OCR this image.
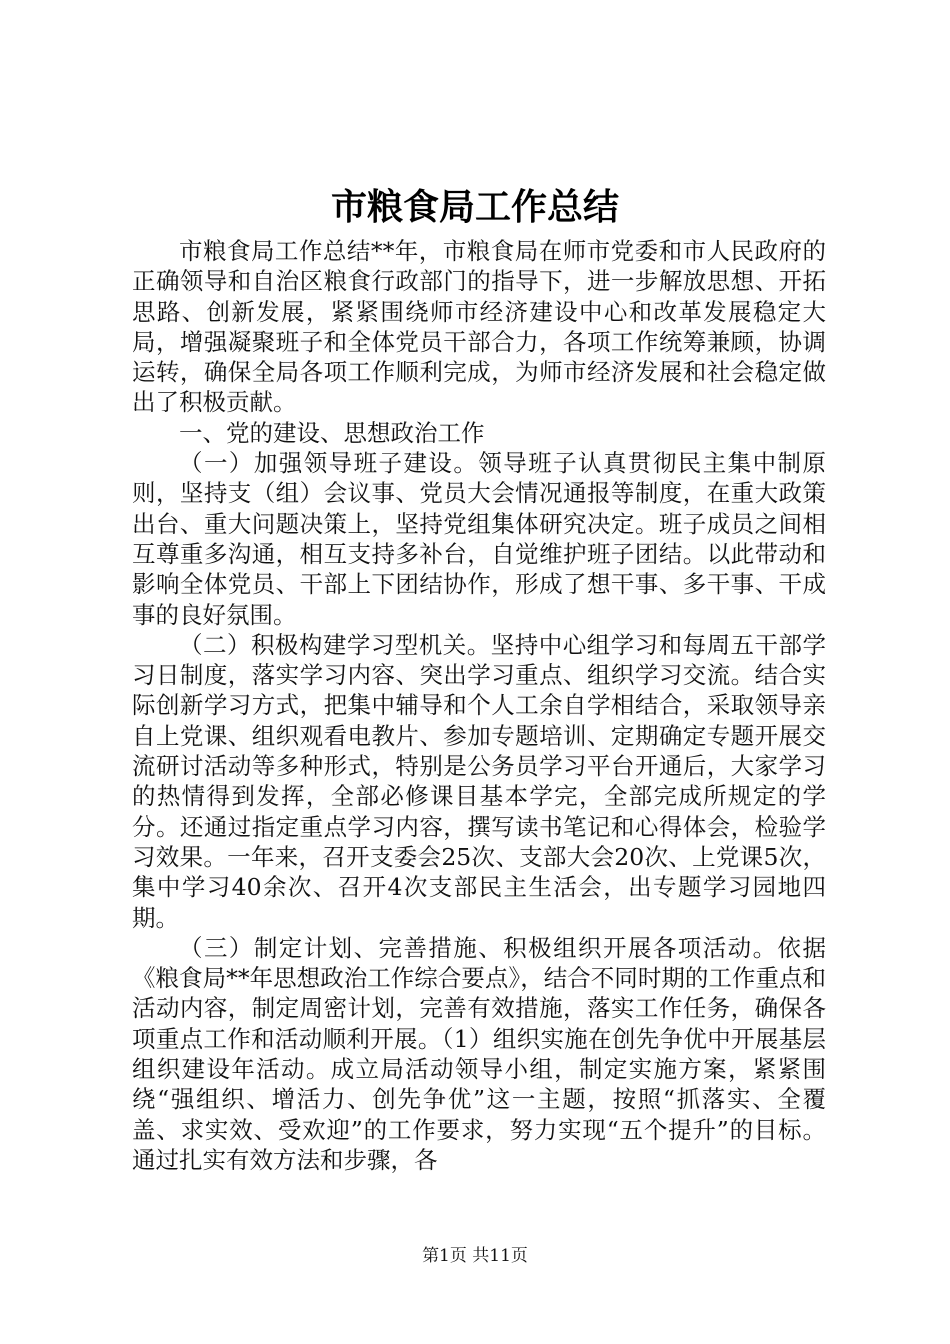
市粮食局工作总结

市粮食局工作总结**年，市粮食局在师市党委和市人民政府的正确领导和自治区粮食行政部门的指导下，进一步解放思想、开拓思路、创新发展，紧紧围绕师市经济建设中心和改革发展稳定大局，增强凝聚班子和全体党员干部合力，各项工作统筹兼顾，协调运转，确保全局各项工作顺利完成，为师市经济发展和社会稳定做出了积极贡献。

一、党的建设、思想政治工作

（一）加强领导班子建设。领导班子认真贯彻民主集中制原则，坚持支（组）会议事、党员大会情况通报等制度，在重大政策出台、重大问题决策上，坚持党组集体研究决定。班子成员之间相互尊重多沟通，相互支持多补台，自觉维护班子团结。以此带动和影响全体党员、干部上下团结协作，形成了想干事、多干事、干成事的良好氛围。

（二）积极构建学习型机关。坚持中心组学习和每周五干部学习日制度，落实学习内容、突出学习重点、组织学习交流。结合实际创新学习方式，把集中辅导和个人工余自学相结合，采取领导亲自上党课、组织观看电教片、参加专题培训、定期确定专题开展交流研讨活动等多种形式，特别是公务员学习平台开通后，大家学习的热情得到发挥，全部必修课目基本学完，全部完成所规定的学分。还通过指定重点学习内容，撰写读书笔记和心得体会，检验学习效果。一年来，召开支委会25次、支部大会20次、上党课5次，集中学习40余次、召开4次支部民主生活会，出专题学习园地四期。

（三）制定计划、完善措施、积极组织开展各项活动。依据《粮食局**年思想政治工作综合要点》，结合不同时期的工作重点和活动内容，制定周密计划，完善有效措施，落实工作任务，确保各项重点工作和活动顺利开展。（1）组织实施在创先争优中开展基层组织建设年活动。成立局活动领导小组，制定实施方案，紧紧围绕“强组织、增活力、创先争优”这一主题，按照“抓落实、全覆盖、求实效、受欢迎”的工作要求，努力实现“五个提升”的目标。通过扎实有效方法和步骤，各

第1页 共11页
